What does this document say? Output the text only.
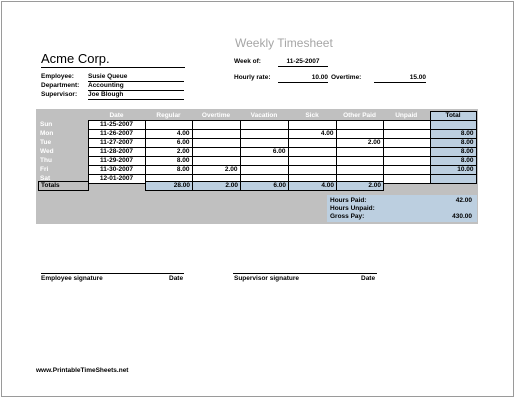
Weekly Timesheet
Acme Corp.
Employee: Susie Queue
Department: Accounting
Supervisor: Joe Blough
Week of:	11-25-2007
Hourly rate:	10.00 Overtime:	15.00
	Date	Regular	Overtime	Vacation	Sick	Other Paid	Unpaid	Total
Sun	11-25-2007							
Mon	11-26-2007	4.00			4.00			8.00
Tue	11-27-2007	6.00				2.00		8.00
Wed	11-28-2007	2.00		6.00				8.00
Thu	11-29-2007	8.00						8.00
Fri	11-30-2007	8.00	2.00					10.00
Sat	12-01-2007							
Totals		28.00	2.00	6.00	4.00	2.00		
Hours Paid:	42.00
Hours Unpaid:
Gross Pay:	430.00
Employee signature	Date	Supervisor signature	Date
www.PrintableTimeSheets.net
